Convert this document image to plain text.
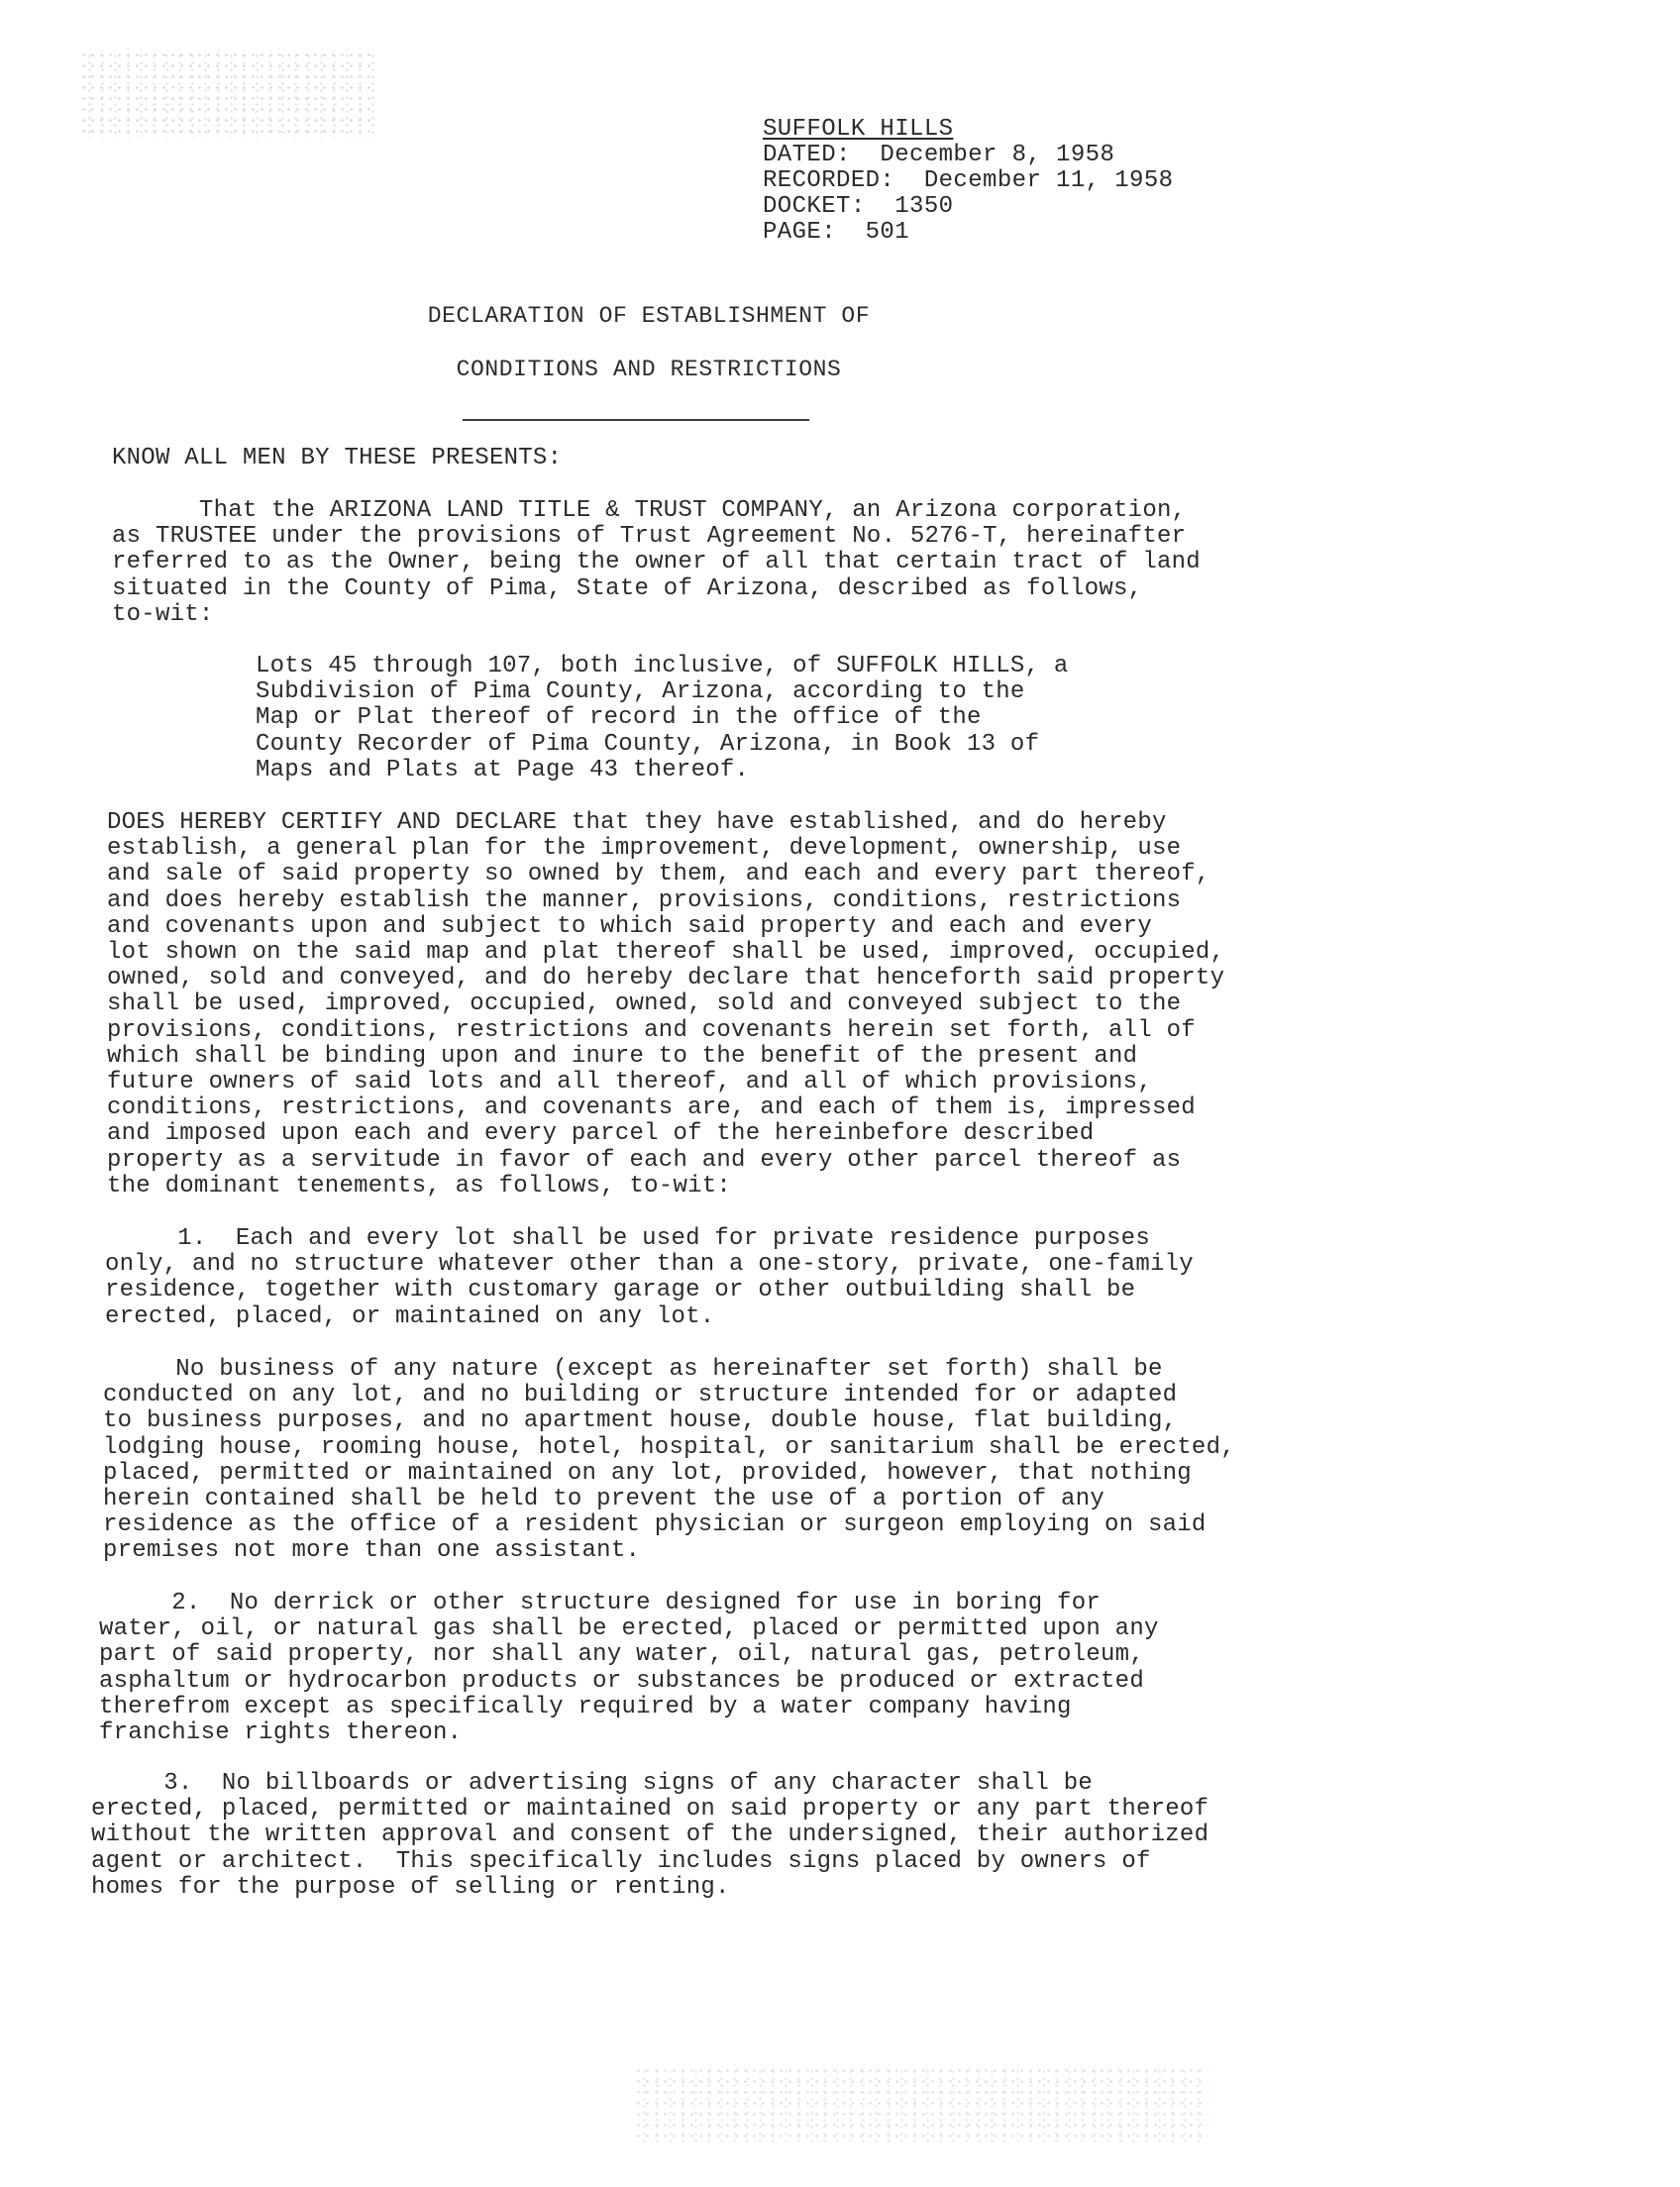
SUFFOLK HILLS
DATED:  December 8, 1958
RECORDED:  December 11, 1958
DOCKET:  1350
PAGE:  501
DECLARATION OF ESTABLISHMENT OF
CONDITIONS AND RESTRICTIONS
KNOW ALL MEN BY THESE PRESENTS:
That the ARIZONA LAND TITLE & TRUST COMPANY, an Arizona corporation,
as TRUSTEE under the provisions of Trust Agreement No. 5276-T, hereinafter
referred to as the Owner, being the owner of all that certain tract of land
situated in the County of Pima, State of Arizona, described as follows,
to-wit:
Lots 45 through 107, both inclusive, of SUFFOLK HILLS, a
Subdivision of Pima County, Arizona, according to the
Map or Plat thereof of record in the office of the
County Recorder of Pima County, Arizona, in Book 13 of
Maps and Plats at Page 43 thereof.
DOES HEREBY CERTIFY AND DECLARE that they have established, and do hereby
establish, a general plan for the improvement, development, ownership, use
and sale of said property so owned by them, and each and every part thereof,
and does hereby establish the manner, provisions, conditions, restrictions
and covenants upon and subject to which said property and each and every
lot shown on the said map and plat thereof shall be used, improved, occupied,
owned, sold and conveyed, and do hereby declare that henceforth said property
shall be used, improved, occupied, owned, sold and conveyed subject to the
provisions, conditions, restrictions and covenants herein set forth, all of
which shall be binding upon and inure to the benefit of the present and
future owners of said lots and all thereof, and all of which provisions,
conditions, restrictions, and covenants are, and each of them is, impressed
and imposed upon each and every parcel of the hereinbefore described
property as a servitude in favor of each and every other parcel thereof as
the dominant tenements, as follows, to-wit:
1.  Each and every lot shall be used for private residence purposes
only, and no structure whatever other than a one-story, private, one-family
residence, together with customary garage or other outbuilding shall be
erected, placed, or maintained on any lot.
No business of any nature (except as hereinafter set forth) shall be
conducted on any lot, and no building or structure intended for or adapted
to business purposes, and no apartment house, double house, flat building,
lodging house, rooming house, hotel, hospital, or sanitarium shall be erected,
placed, permitted or maintained on any lot, provided, however, that nothing
herein contained shall be held to prevent the use of a portion of any
residence as the office of a resident physician or surgeon employing on said
premises not more than one assistant.
2.  No derrick or other structure designed for use in boring for
water, oil, or natural gas shall be erected, placed or permitted upon any
part of said property, nor shall any water, oil, natural gas, petroleum,
asphaltum or hydrocarbon products or substances be produced or extracted
therefrom except as specifically required by a water company having
franchise rights thereon.
3.  No billboards or advertising signs of any character shall be
erected, placed, permitted or maintained on said property or any part thereof
without the written approval and consent of the undersigned, their authorized
agent or architect.  This specifically includes signs placed by owners of
homes for the purpose of selling or renting.
